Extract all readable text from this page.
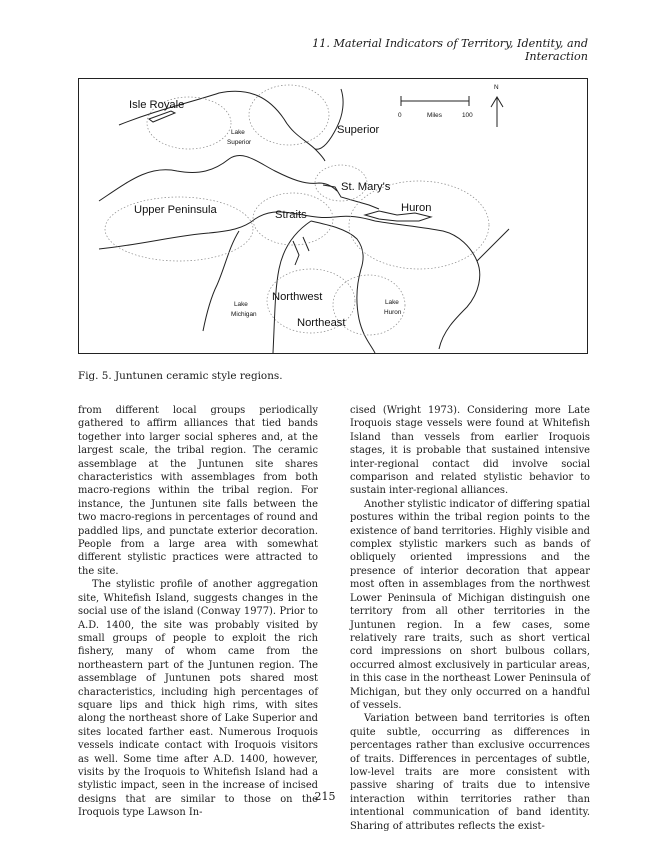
11. Material Indicators of Territory, Identity, and Interaction
Isle Royale
Lake
Superior
Superior
St. Mary's
Upper Peninsula	Straits
Huron
Northwest
Lake
Michigan
Lake
Huron
Northeast
0	Miles	100
N
Fig. 5. Juntunen ceramic style regions.

from different local groups periodically gathered to affirm alliances that tied bands together into larger social spheres and, at the largest scale, the tribal region. The ceramic assemblage at the Juntunen site shares characteristics with assemblages from both macro-regions within the tribal region. For instance, the Juntunen site falls between the two macro-regions in percentages of round and paddled lips, and punctate exterior decoration. People from a large area with somewhat different stylistic practices were attracted to the site.

The stylistic profile of another aggregation site, Whitefish Island, suggests changes in the social use of the island (Conway 1977). Prior to A.D. 1400, the site was probably visited by small groups of people to exploit the rich fishery, many of whom came from the northeastern part of the Juntunen region. The assemblage of Juntunen pots shared most characteristics, including high percentages of square lips and thick high rims, with sites along the northeast shore of Lake Superior and sites located farther east. Numerous Iroquois vessels indicate contact with Iroquois visitors as well. Some time after A.D. 1400, however, visits by the Iroquois to Whitefish Island had a stylistic impact, seen in the increase of incised designs that are similar to those on the Iroquois type Lawson In-

cised (Wright 1973). Considering more Late Iroquois stage vessels were found at Whitefish Island than vessels from earlier Iroquois stages, it is probable that sustained intensive inter-regional contact did involve social comparison and related stylistic behavior to sustain inter-regional alliances.

Another stylistic indicator of differing spatial postures within the tribal region points to the existence of band territories. Highly visible and complex stylistic markers such as bands of obliquely oriented impressions and the presence of interior decoration that appear most often in assemblages from the northwest Lower Peninsula of Michigan distinguish one territory from all other territories in the Juntunen region. In a few cases, some relatively rare traits, such as short vertical cord impressions on short bulbous collars, occurred almost exclusively in particular areas, in this case in the northeast Lower Peninsula of Michigan, but they only occurred on a handful of vessels.

Variation between band territories is often quite subtle, occurring as differences in percentages rather than exclusive occurrences of traits. Differences in percentages of subtle, low-level traits are more consistent with passive sharing of traits due to intensive interaction within territories rather than intentional communication of band identity. Sharing of attributes reflects the exist-

215
